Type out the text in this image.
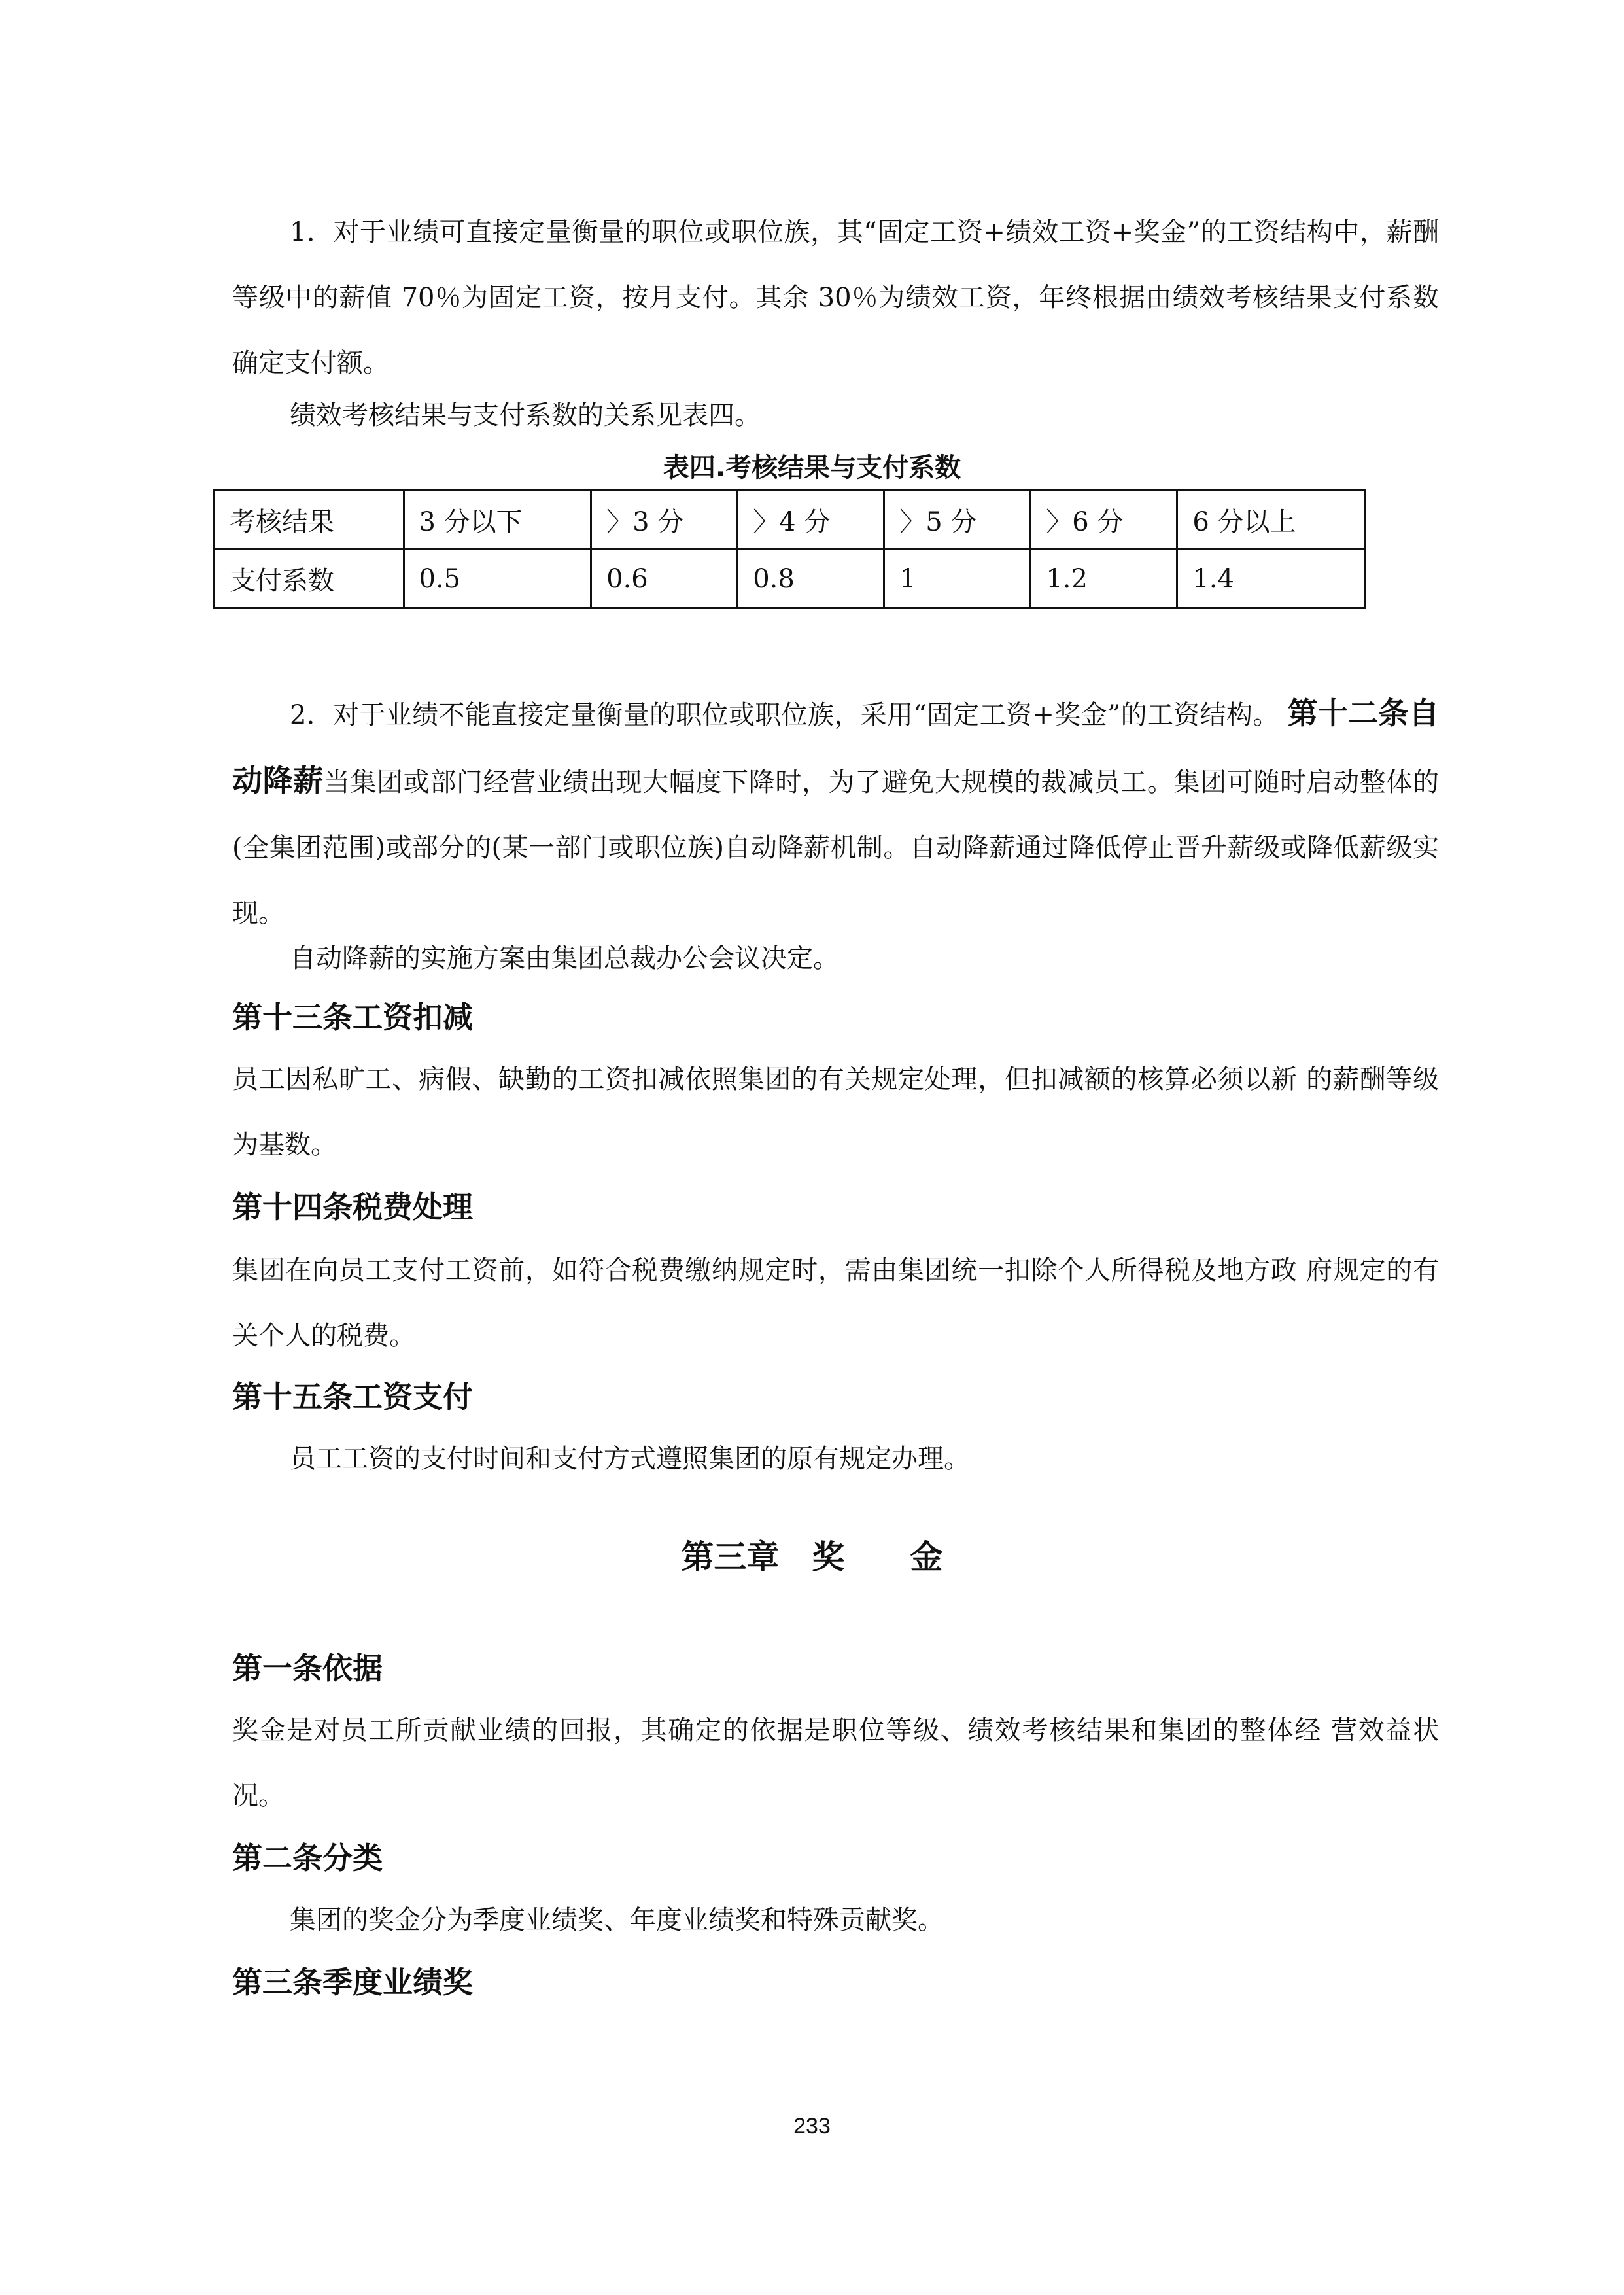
1．对于业绩可直接定量衡量的职位或职位族，其“固定工资+绩效工资+奖金”的工资结构中，薪酬等级中的薪值 70％为固定工资，按月支付。其余 30％为绩效工资，年终根据由绩效考核结果支付系数确定支付额。

绩效考核结果与支付系数的关系见表四。

表四.考核结果与支付系数

考核结果	3 分以下	〉3 分	〉4 分	〉5 分	〉6 分	6 分以上
支付系数	0.5	0.6	0.8	1	1.2	1.4

2．对于业绩不能直接定量衡量的职位或职位族，采用“固定工资+奖金”的工资结构。 第十二条自动降薪当集团或部门经营业绩出现大幅度下降时，为了避免大规模的裁减员工。集团可随时启动整体的(全集团范围)或部分的(某一部门或职位族)自动降薪机制。自动降薪通过降低停止晋升薪级或降低薪级实现。

自动降薪的实施方案由集团总裁办公会议决定。

第十三条工资扣减

员工因私旷工、病假、缺勤的工资扣减依照集团的有关规定处理，但扣减额的核算必须以新 的薪酬等级为基数。

第十四条税费处理

集团在向员工支付工资前，如符合税费缴纳规定时，需由集团统一扣除个人所得税及地方政 府规定的有关个人的税费。

第十五条工资支付

员工工资的支付时间和支付方式遵照集团的原有规定办理。

第三章　奖　　金

第一条依据

奖金是对员工所贡献业绩的回报，其确定的依据是职位等级、绩效考核结果和集团的整体经 营效益状况。

第二条分类

集团的奖金分为季度业绩奖、年度业绩奖和特殊贡献奖。

第三条季度业绩奖

233
